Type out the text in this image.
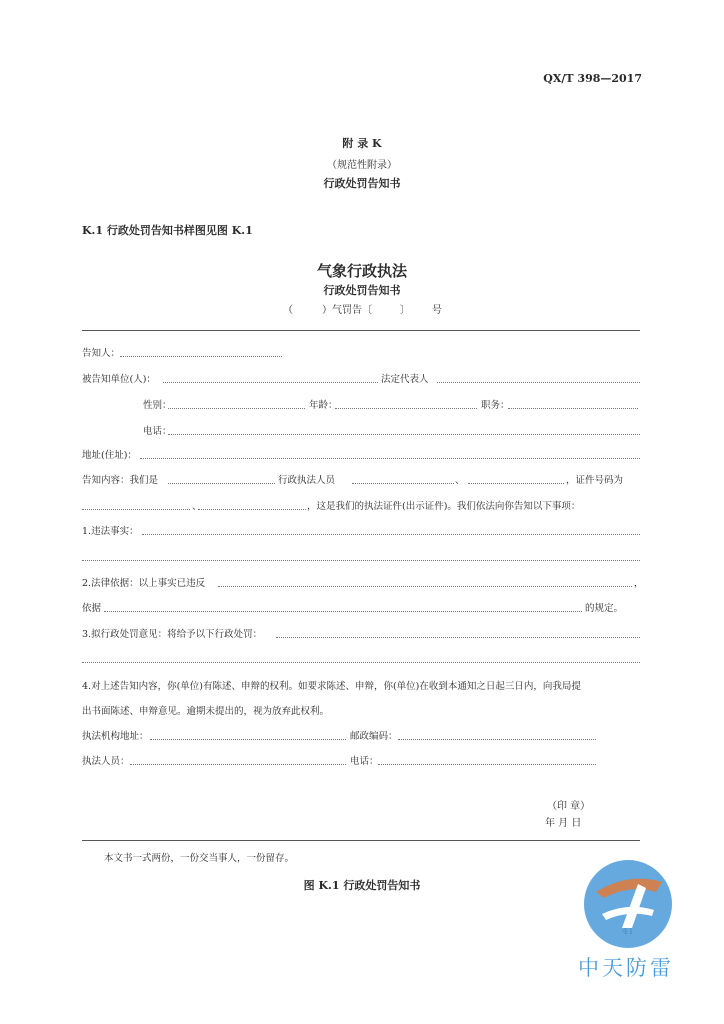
QX/T 398—2017
附 录 K
（规范性附录）
行政处罚告知书
K.1 行政处罚告知书样图见图 K.1
气象行政执法
行政处罚告知书
（	）气罚告〔	〕 号
告知人：
被告知单位(人)：	法定代表人
性别：	年龄：	职务：
电话：
地址(住址)：
告知内容：我们是	行政执法人员	、	，证件号码为
、	，这是我们的执法证件(出示证件)。我们依法向你告知以下事项：
1.违法事实：
2.法律依据：以上事实已违反	，
依据	的规定。
3.拟行政处罚意见：将给予以下行政处罚：
4.对上述告知内容，你(单位)有陈述、申辩的权利。如要求陈述、申辩，你(单位)在收到本通知之日起三日内，向我局提
出书面陈述、申辩意见。逾期未提出的，视为放弃此权利。
执法机构地址：	邮政编码：
执法人员：	电话：
（印 章）
年 月 日
本文书一式两份，一份交当事人，一份留存。
图 K.1 行政处罚告知书
中天防雷
